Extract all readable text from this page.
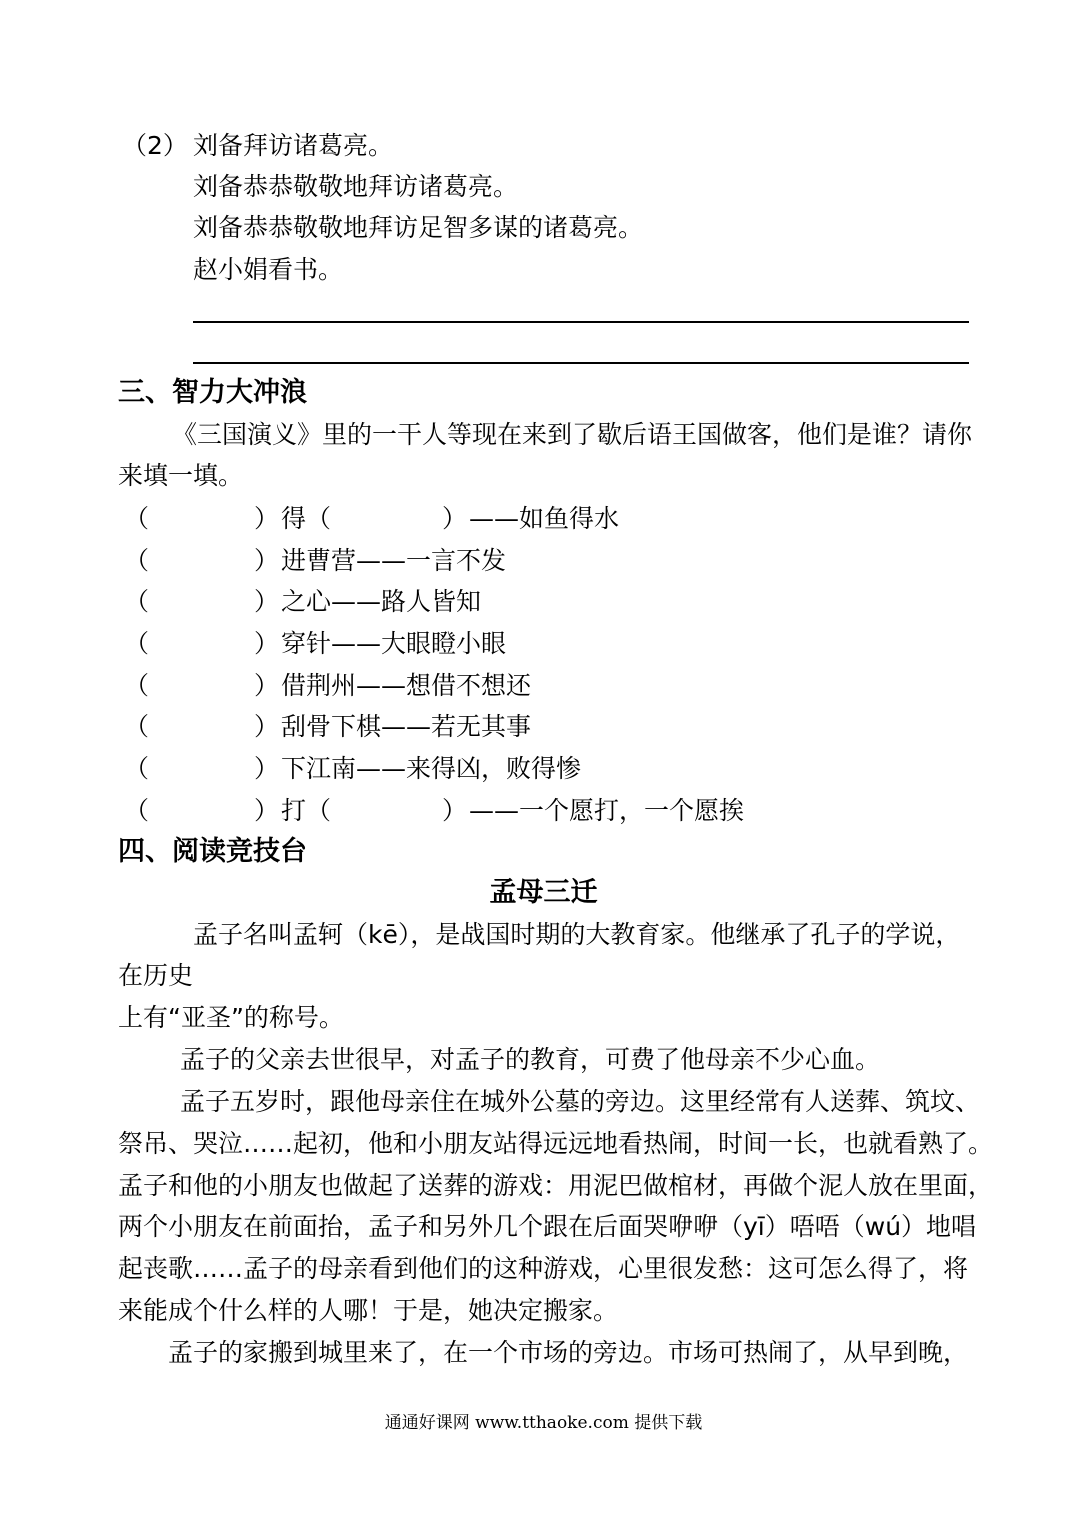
（2） 刘备拜访诸葛亮。
刘备恭恭敬敬地拜访诸葛亮。
刘备恭恭敬敬地拜访足智多谋的诸葛亮。
赵小娟看书。
三、智力大冲浪
《三国演义》里的一干人等现在来到了歇后语王国做客，他们是谁？请你
来填一填。
（	） 得（	） ——如鱼得水
（	） 进曹营——一言不发
（	） 之心——路人皆知
（	） 穿针——大眼瞪小眼
（	） 借荆州——想借不想还
（	） 刮骨下棋——若无其事
（	） 下江南——来得凶，败得惨
（	） 打（	） ——一个愿打，一个愿挨
四、阅读竞技台
孟母三迁
孟子名叫孟轲（kē），是战国时期的大教育家。他继承了孔子的学说，
在历史
上有“亚圣”的称号。
孟子的父亲去世很早，对孟子的教育，可费了他母亲不少心血。
孟子五岁时，跟他母亲住在城外公墓的旁边。这里经常有人送葬、筑坟、
祭吊、哭泣……起初，他和小朋友站得远远地看热闹，时间一长，也就看熟了。
孟子和他的小朋友也做起了送葬的游戏：用泥巴做棺材，再做个泥人放在里面，
两个小朋友在前面抬，孟子和另外几个跟在后面哭咿咿（yī）唔唔（wú）地唱
起丧歌……孟子的母亲看到他们的这种游戏，心里很发愁：这可怎么得了，将
来能成个什么样的人哪！于是，她决定搬家。
孟子的家搬到城里来了，在一个市场的旁边。市场可热闹了，从早到晚，
通通好课网 www.tthaoke.com 提供下载
